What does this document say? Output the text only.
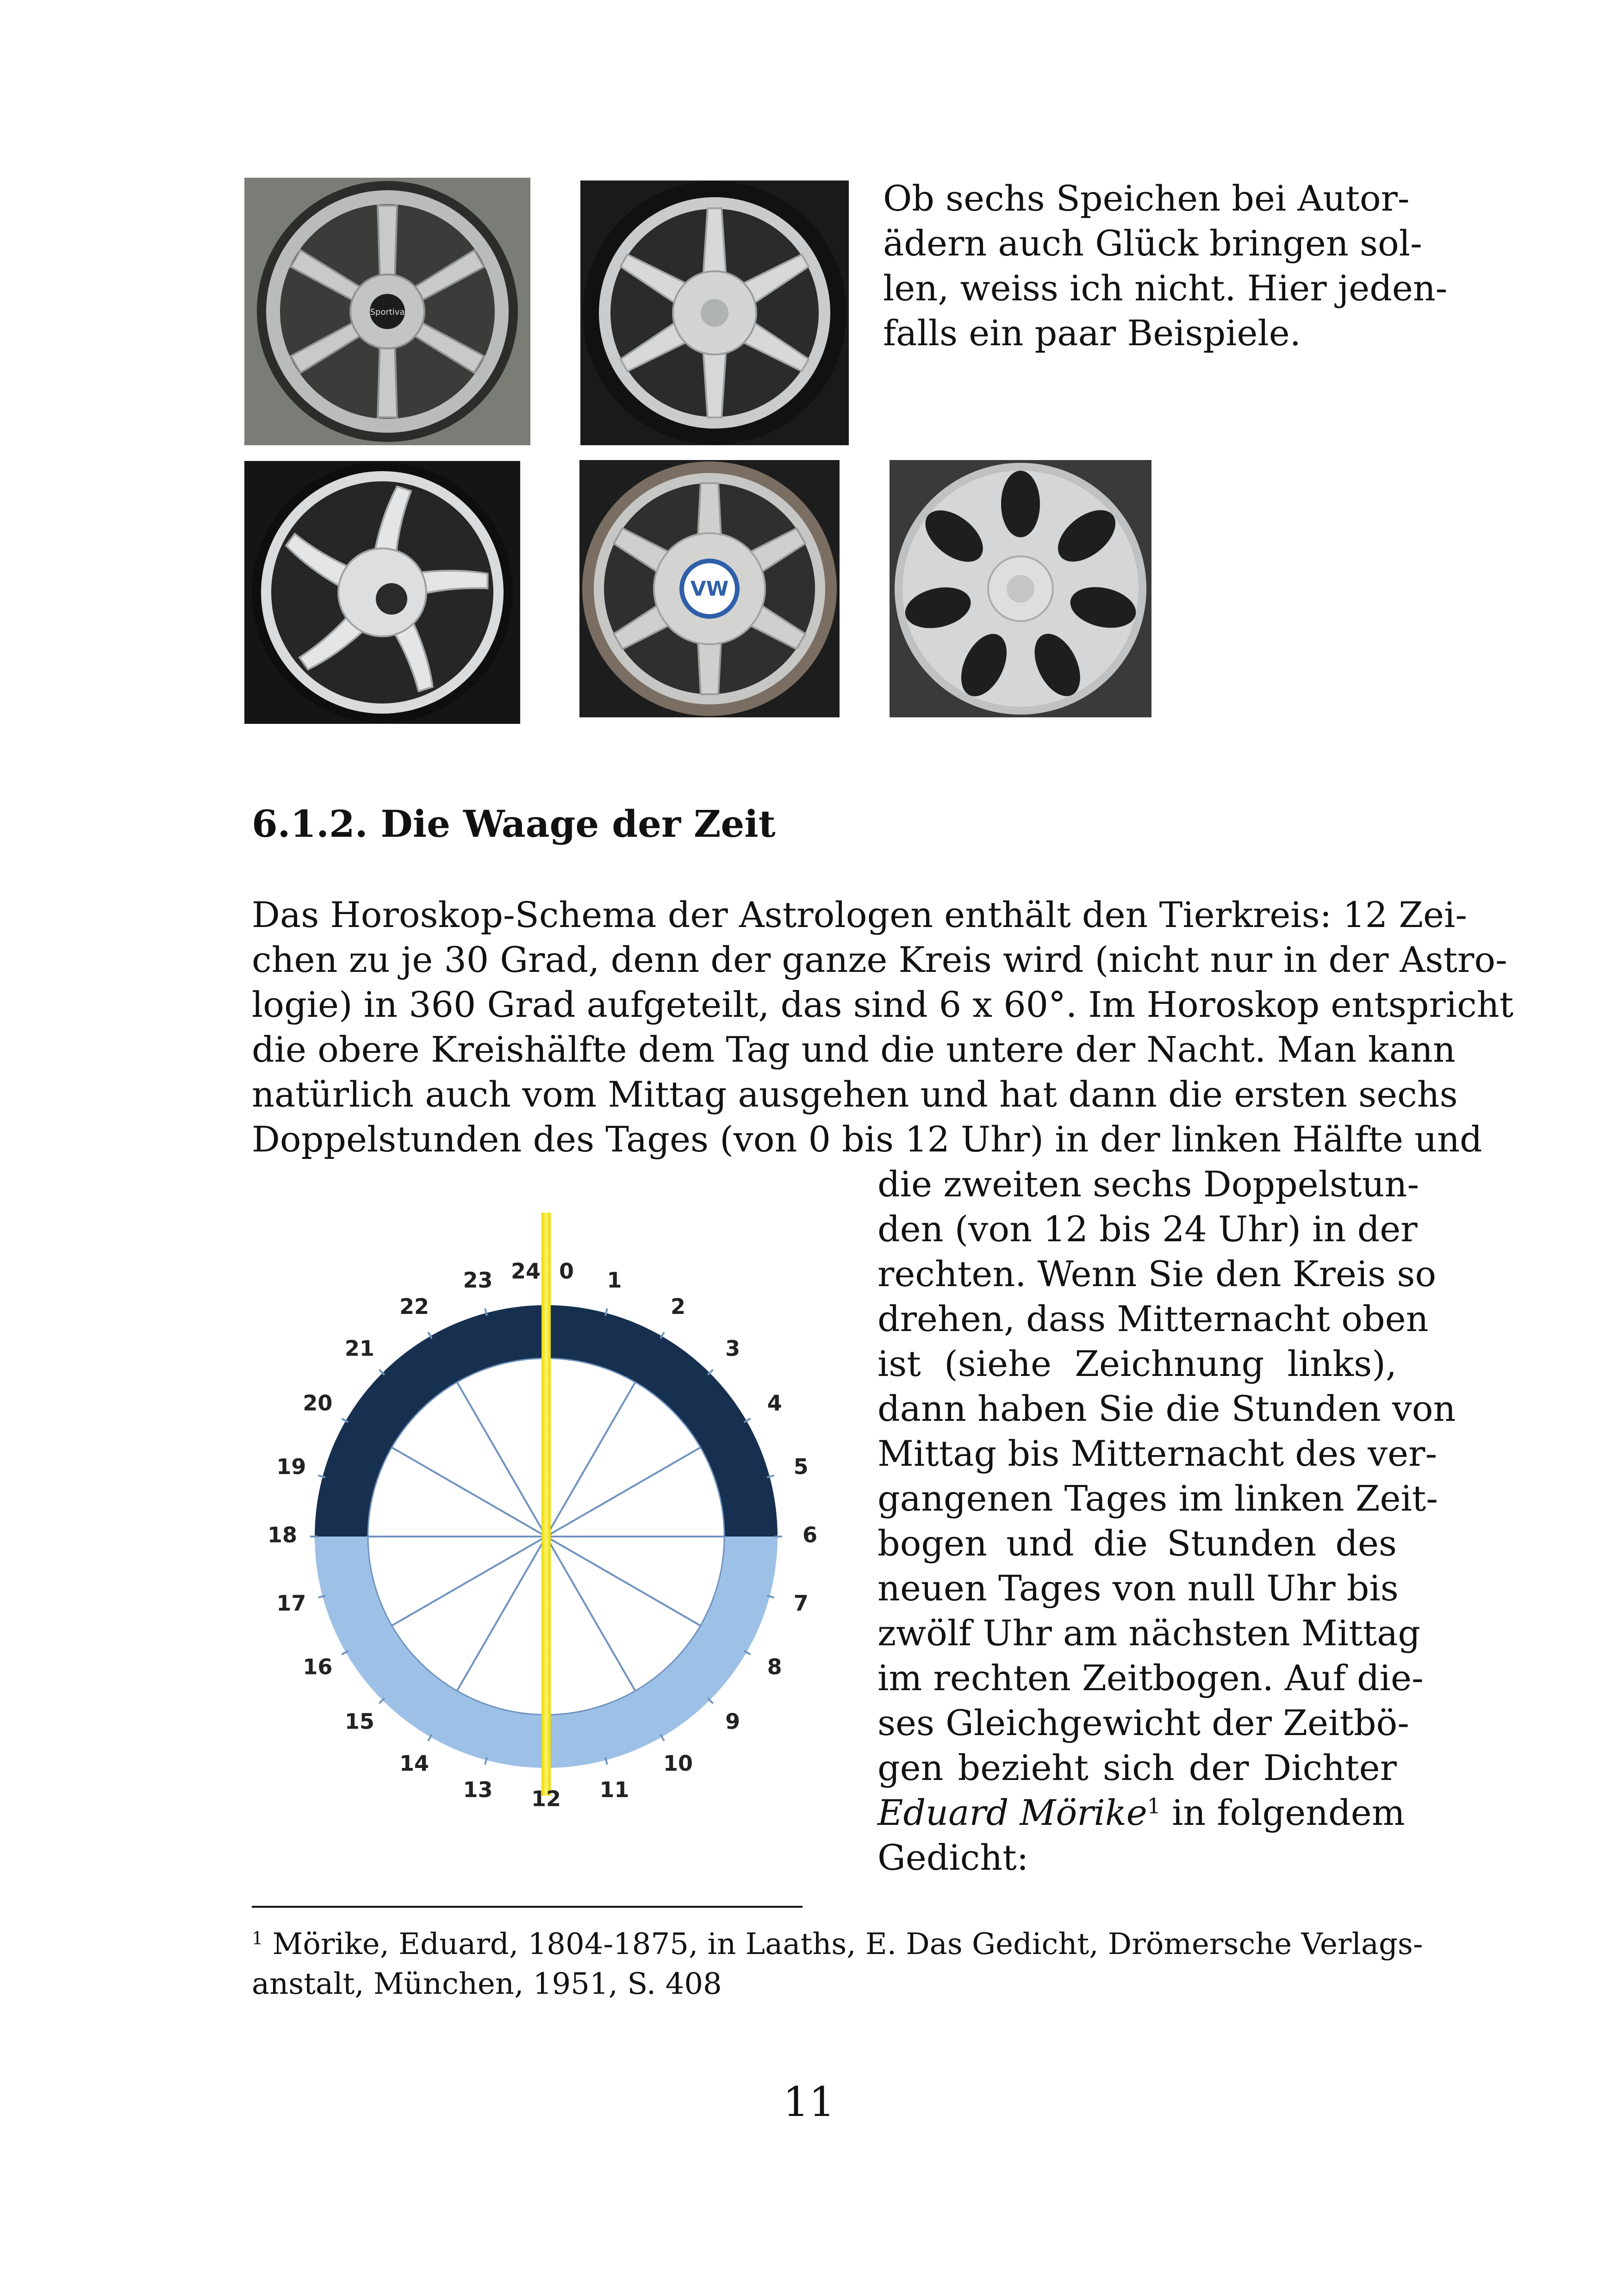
Sportiva
VW
Ob sechs Speichen bei Autor-
ädern auch Glück bringen sol-
len, weiss ich nicht. Hier jeden-
falls ein paar Beispiele.
6.1.2. Die Waage der Zeit
Das Horoskop-Schema der Astrologen enthält den Tierkreis: 12 Zei-
chen zu je 30 Grad, denn der ganze Kreis wird (nicht nur in der Astro-
logie) in 360 Grad aufgeteilt, das sind 6 x 60°. Im Horoskop entspricht
die obere Kreishälfte dem Tag und die untere der Nacht. Man kann
natürlich auch vom Mittag ausgehen und hat dann die ersten sechs
Doppelstunden des Tages (von 0 bis 12 Uhr) in der linken Hälfte und
die zweiten sechs Doppelstun-
den (von 12 bis 24 Uhr) in der
rechten. Wenn Sie den Kreis so
drehen, dass Mitternacht oben
ist (siehe Zeichnung links),
dann haben Sie die Stunden von
Mittag bis Mitternacht des ver-
gangenen Tages im linken Zeit-
bogen und die Stunden des
neuen Tages von null Uhr bis
zwölf Uhr am nächsten Mittag
im rechten Zeitbogen. Auf die-
ses Gleichgewicht der Zeitbö-
gen bezieht sich der Dichter
Eduard Mörike$^1$ in folgendem
Gedicht:
24 0 1
2
3
4
5
6
7
8
9
10
11
12
13
14
15
16
17
18
19
20
21
22
23
$^1$ Mörike, Eduard, 1804-1875, in Laaths, E. Das Gedicht, Drömersche Verlags-
anstalt, München, 1951, S. 408
11
